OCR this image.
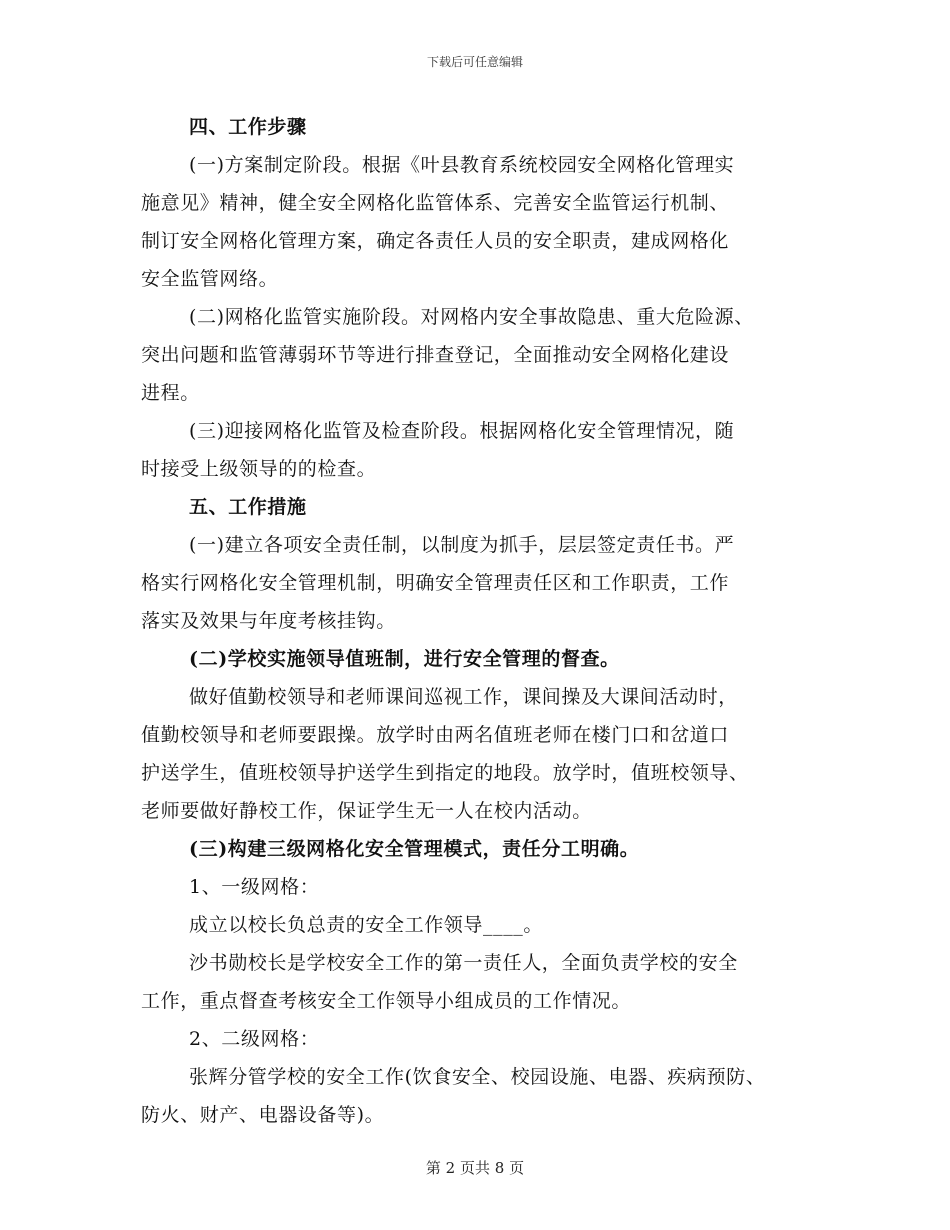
下载后可任意编辑
四、工作步骤
(一)方案制定阶段。根据《叶县教育系统校园安全网格化管理实
施意见》精神，健全安全网格化监管体系、完善安全监管运行机制、
制订安全网格化管理方案，确定各责任人员的安全职责，建成网格化
安全监管网络。
(二)网格化监管实施阶段。对网格内安全事故隐患、重大危险源、
突出问题和监管薄弱环节等进行排查登记，全面推动安全网格化建设
进程。
(三)迎接网格化监管及检查阶段。根据网格化安全管理情况，随
时接受上级领导的的检查。
五、工作措施
(一)建立各项安全责任制，以制度为抓手，层层签定责任书。严
格实行网格化安全管理机制，明确安全管理责任区和工作职责，工作
落实及效果与年度考核挂钩。
(二)学校实施领导值班制，进行安全管理的督查。
做好值勤校领导和老师课间巡视工作，课间操及大课间活动时，
值勤校领导和老师要跟操。放学时由两名值班老师在楼门口和岔道口
护送学生，值班校领导护送学生到指定的地段。放学时，值班校领导、
老师要做好静校工作，保证学生无一人在校内活动。
(三)构建三级网格化安全管理模式，责任分工明确。
1、一级网格：
成立以校长负总责的安全工作领导____。
沙书勋校长是学校安全工作的第一责任人，全面负责学校的安全
工作，重点督查考核安全工作领导小组成员的工作情况。
2、二级网格：
张辉分管学校的安全工作(饮食安全、校园设施、电器、疾病预防、
防火、财产、电器设备等)。
第 2 页共 8 页
